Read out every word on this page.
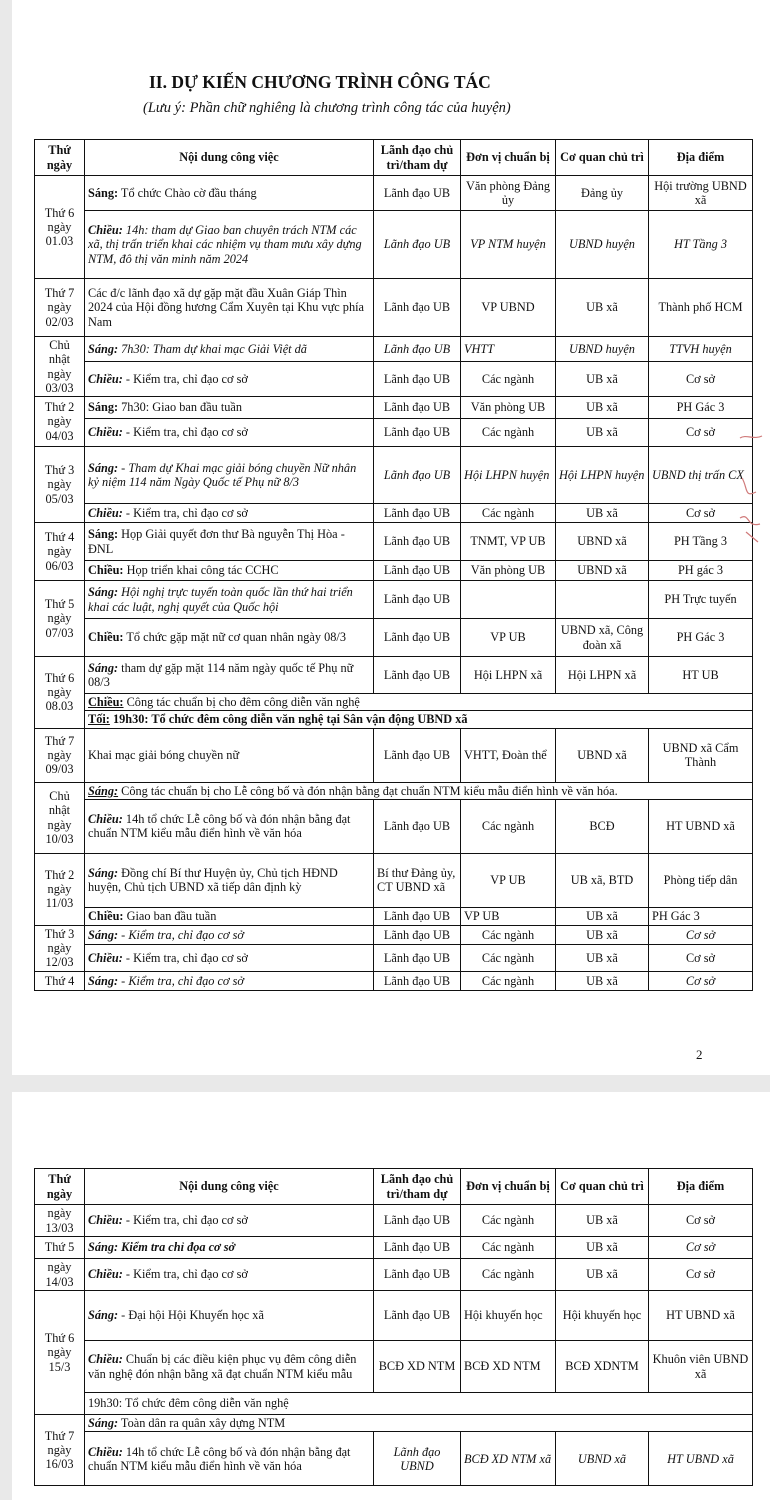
II. DỰ KIẾN CHƯƠNG TRÌNH CÔNG TÁC
(Lưu ý: Phần chữ nghiêng là chương trình công tác của huyện)
Thứ ngày	Nội dung công việc	Lãnh đạo chủ trì/tham dự	Đơn vị chuẩn bị	Cơ quan chủ trì	Địa điểm
Thứ 6 ngày 01.03	Sáng: Tổ chức Chào cờ đầu tháng	Lãnh đạo UB	Văn phòng Đảng ủy	Đảng ủy	Hội trường UBND xã
	Chiều: 14h: tham dự Giao ban chuyên trách NTM các xã, thị trấn triển khai các nhiệm vụ tham mưu xây dựng NTM, đô thị văn minh năm 2024	Lãnh đạo UB	VP NTM huyện	UBND huyện	HT Tầng 3
Thứ 7 ngày 02/03	Các đ/c lãnh đạo xã dự gặp mặt đầu Xuân Giáp Thìn 2024 của Hội đồng hương Cẩm Xuyên tại Khu vực phía Nam	Lãnh đạo UB	VP UBND	UB xã	Thành phố HCM
Chủ nhật ngày 03/03	Sáng: 7h30: Tham dự khai mạc Giải Việt dã	Lãnh đạo UB	VHTT	UBND huyện	TTVH huyện
	Chiều: - Kiểm tra, chỉ đạo cơ sở	Lãnh đạo UB	Các ngành	UB xã	Cơ sở
Thứ 2 ngày 04/03	Sáng: 7h30: Giao ban đầu tuần	Lãnh đạo UB	Văn phòng UB	UB xã	PH Gác 3
	Chiều: - Kiểm tra, chỉ đạo cơ sở	Lãnh đạo UB	Các ngành	UB xã	Cơ sở
Thứ 3 ngày 05/03	Sáng: - Tham dự Khai mạc giải bóng chuyền Nữ nhân kỷ niệm 114 năm Ngày Quốc tế Phụ nữ 8/3	Lãnh đạo UB	Hội LHPN huyện	Hội LHPN huyện	UBND thị trấn CX
	Chiều: - Kiểm tra, chỉ đạo cơ sở	Lãnh đạo UB	Các ngành	UB xã	Cơ sở
Thứ 4 ngày 06/03	Sáng: Họp Giải quyết đơn thư Bà nguyễn Thị Hòa - ĐNL	Lãnh đạo UB	TNMT, VP UB	UBND xã	PH Tầng 3
	Chiều: Họp triển khai công tác CCHC	Lãnh đạo UB	Văn phòng UB	UBND xã	PH gác 3
Thứ 5 ngày 07/03	Sáng: Hội nghị trực tuyến toàn quốc lần thứ hai triển khai các luật, nghị quyết của Quốc hội	Lãnh đạo UB			PH Trực tuyến
	Chiều: Tổ chức gặp mặt nữ cơ quan nhân ngày 08/3	Lãnh đạo UB	VP UB	UBND xã, Công đoàn xã	PH Gác 3
Thứ 6 ngày 08.03	Sáng: tham dự gặp mặt 114 năm ngày quốc tế Phụ nữ 08/3	Lãnh đạo UB	Hội LHPN xã	Hội LHPN xã	HT UB
	Chiều: Công tác chuẩn bị cho đêm công diễn văn nghệ				
	Tối: 19h30: Tổ chức đêm công diễn văn nghệ tại Sân vận động UBND xã				
Thứ 7 ngày 09/03	Khai mạc giải bóng chuyền nữ	Lãnh đạo UB	VHTT, Đoàn thể	UBND xã	UBND xã Cẩm Thành
Chủ nhật ngày 10/03	Sáng: Công tác chuẩn bị cho Lễ công bố và đón nhận bằng đạt chuẩn NTM kiểu mẫu điển hình về văn hóa.				
	Chiều: 14h tổ chức Lễ công bố và đón nhận bằng đạt chuẩn NTM kiểu mẫu điển hình về văn hóa	Lãnh đạo UB	Các ngành	BCĐ	HT UBND xã
Thứ 2 ngày 11/03	Sáng: Đồng chí Bí thư Huyện ủy, Chủ tịch HĐND huyện, Chủ tịch UBND xã tiếp dân định kỳ	Bí thư Đảng ủy, CT UBND xã	VP UB	UB xã, BTD	Phòng tiếp dân
	Chiều: Giao ban đầu tuần	Lãnh đạo UB	VP UB	UB xã	PH Gác 3
Thứ 3 ngày 12/03	Sáng: - Kiểm tra, chỉ đạo cơ sở	Lãnh đạo UB	Các ngành	UB xã	Cơ sở
	Chiều: - Kiểm tra, chỉ đạo cơ sở	Lãnh đạo UB	Các ngành	UB xã	Cơ sở
Thứ 4	Sáng: - Kiểm tra, chỉ đạo cơ sở	Lãnh đạo UB	Các ngành	UB xã	Cơ sở
2
Thứ ngày	Nội dung công việc	Lãnh đạo chủ trì/tham dự	Đơn vị chuẩn bị	Cơ quan chủ trì	Địa điểm
ngày 13/03	Chiều: - Kiểm tra, chỉ đạo cơ sở	Lãnh đạo UB	Các ngành	UB xã	Cơ sở
Thứ 5	Sáng: Kiểm tra chỉ đọa cơ sở	Lãnh đạo UB	Các ngành	UB xã	Cơ sở
ngày 14/03	Chiều: - Kiểm tra, chỉ đạo cơ sở	Lãnh đạo UB	Các ngành	UB xã	Cơ sở
Thứ 6 ngày 15/3	Sáng: - Đại hội Hội Khuyến học xã	Lãnh đạo UB	Hội khuyến học	Hội khuyến học	HT UBND xã
	Chiều: Chuẩn bị các điều kiện phục vụ đêm công diễn văn nghệ đón nhận bằng xã đạt chuẩn NTM kiểu mẫu	BCĐ XD NTM	BCĐ XD NTM	BCĐ XDNTM	Khuôn viên UBND xã
	19h30: Tổ chức đêm công diễn văn nghệ				
Thứ 7 ngày 16/03	Sáng: Toàn dân ra quân xây dựng NTM				
	Chiều: 14h tổ chức Lễ công bố và đón nhận bằng đạt chuẩn NTM kiểu mẫu điển hình về văn hóa	Lãnh đạo UBND	BCĐ XD NTM xã	UBND xã	HT UBND xã
